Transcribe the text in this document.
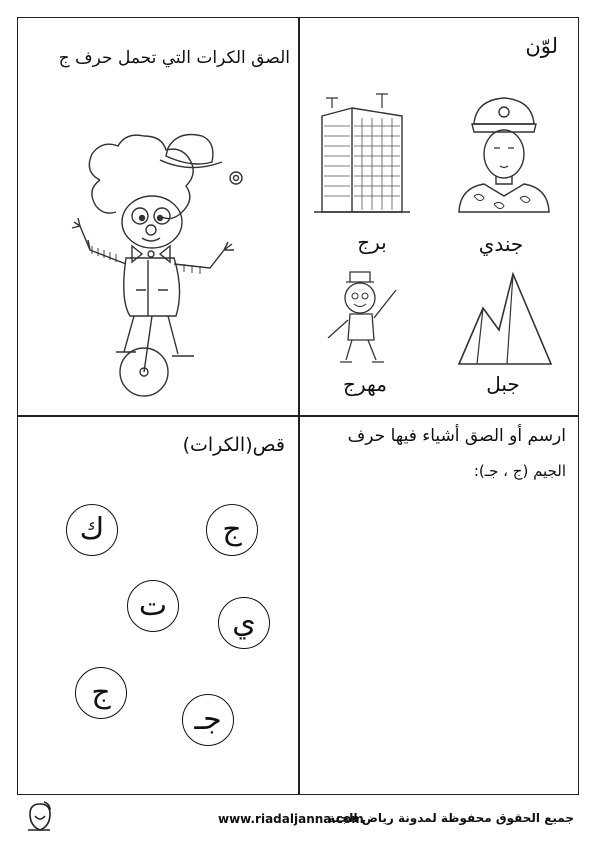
لوّن
جندي
برج
جبل
مهرج
الصق الكرات التي تحمل حرف ج
ارسم أو الصق أشياء فيها حرف
الجيم (ج ، جـ):
قص(الكرات)
ج
ك
ت	ي
ج
جـ
www.riadaljanna.com
جميع الحقوق محفوظة لمدونة رياض الجنة
